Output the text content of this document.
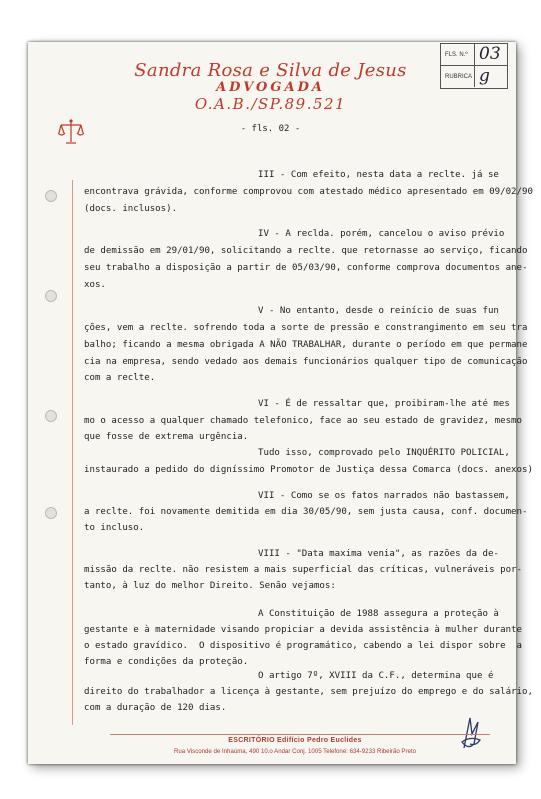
FLS. N.º 03
RUBRICA g
Sandra Rosa e Silva de Jesus
ADVOGADA
O.A.B./SP.89.521
- fls. 02 -
III - Com efeito, nesta data a reclte. já se
encontrava grávida, conforme comprovou com atestado médico apresentado em 09/02/90
(docs. inclusos).
IV - A reclda. porém, cancelou o aviso prévio
de demissão em 29/01/90, solicitando a reclte. que retornasse ao serviço, ficando
seu trabalho a disposição a partir de 05/03/90, conforme comprova documentos ane-
xos.
V - No entanto, desde o reinício de suas fun
ções, vem a reclte. sofrendo toda a sorte de pressão e constrangimento em seu tra
balho; ficando a mesma obrigada A NÃO TRABALHAR, durante o período em que permane
cia na empresa, sendo vedado aos demais funcionários qualquer tipo de comunicação
com a reclte.
VI - É de ressaltar que, proibiram-lhe até mes
mo o acesso a qualquer chamado telefonico, face ao seu estado de gravidez, mesmo
que fosse de extrema urgência.
Tudo isso, comprovado pelo INQUÉRITO POLICIAL,
instaurado a pedido do digníssimo Promotor de Justiça dessa Comarca (docs. anexos)
VII - Como se os fatos narrados não bastassem,
a reclte. foi novamente demitida em dia 30/05/90, sem justa causa, conf. documen-
to incluso.
VIII - "Data maxima venia", as razões da de-
missão da reclte. não resistem a mais superficial das críticas, vulneráveis por-
tanto, à luz do melhor Direito. Senão vejamos:
A Constituição de 1988 assegura a proteção à
gestante e à maternidade visando propiciar a devida assistência à mulher durante
o estado gravídico.  O dispositivo é programático, cabendo a lei dispor sobre  a
forma e condições da proteção.
O artigo 7º, XVIII da C.F., determina que é
direito do trabalhador a licença à gestante, sem prejuízo do emprego e do salário,
com a duração de 120 dias.
ESCRITÓRIO Edifício Pedro Euclides
Rua Visconde de Inhaúma, 490 10.o Andar Conj. 1005 Telefone: 634-9233 Ribeirão Preto
